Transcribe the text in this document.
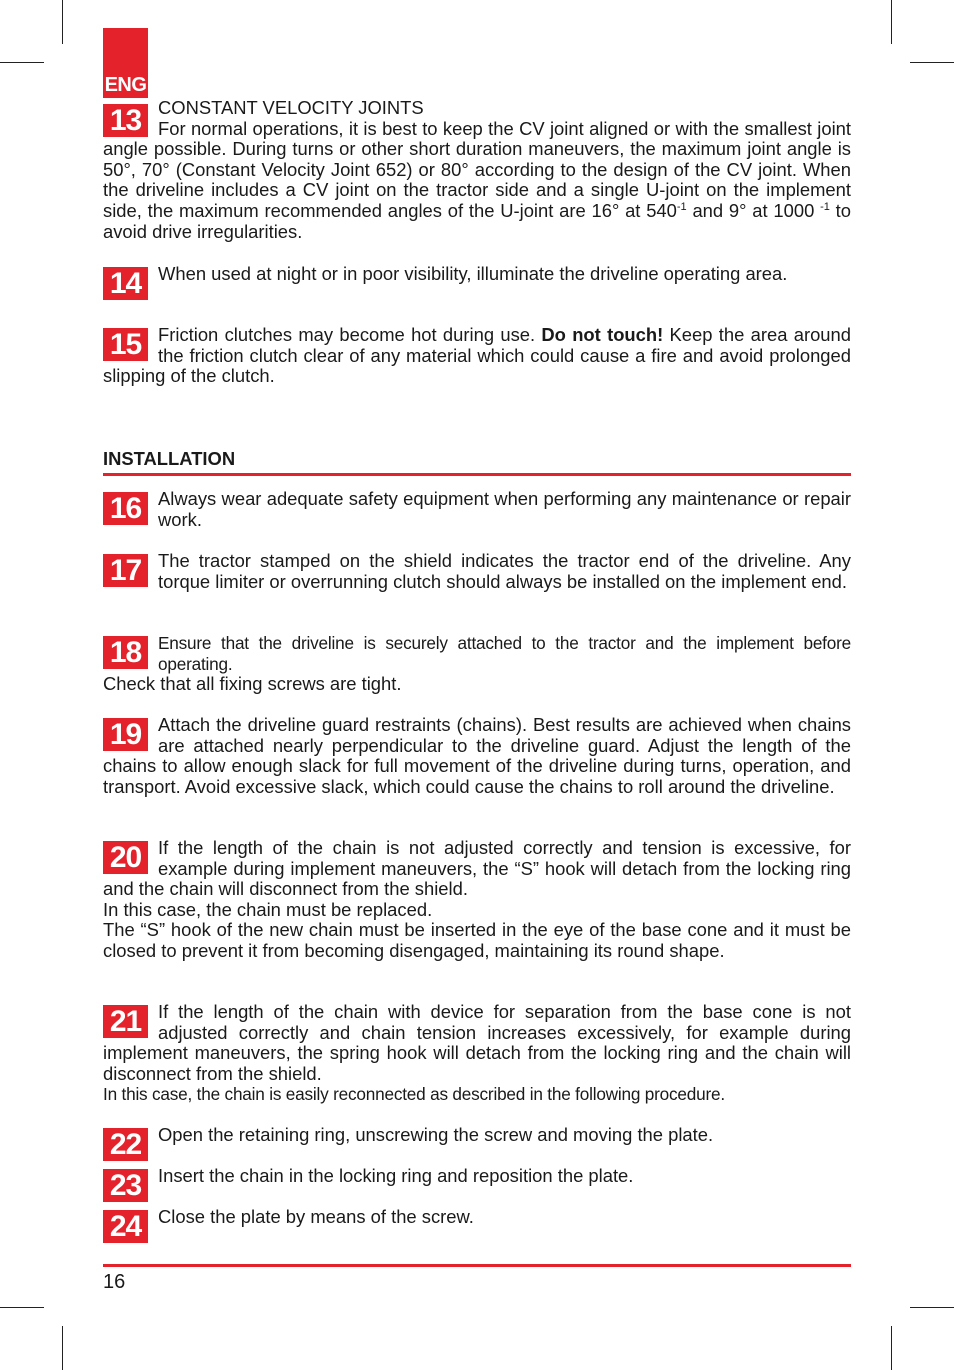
ENG
13 CONSTANT VELOCITY JOINTS
For normal operations, it is best to keep the CV joint aligned or with the smallest joint angle possible. During turns or other short duration maneuvers, the maximum joint angle is 50°, 70° (Constant Velocity Joint 652) or 80° according to the design of the CV joint. When the driveline includes a CV joint on the tractor side and a single U-joint on the implement side, the maximum recommended angles of the U-joint are 16° at $540^{-1}$ and 9° at 1000 $^{-1}$ to avoid drive irregularities.

14 When used at night or in poor visibility, illuminate the driveline operating area.

15 Friction clutches may become hot during use. Do not touch! Keep the area around the friction clutch clear of any material which could cause a fire and avoid prolonged slipping of the clutch.

INSTALLATION
16 Always wear adequate safety equipment when performing any maintenance or repair work.

17 The tractor stamped on the shield indicates the tractor end of the driveline. Any torque limiter or overrunning clutch should always be installed on the implement end.

18 Ensure that the driveline is securely attached to the tractor and the implement before operating.

Check that all fixing screws are tight.

19 Attach the driveline guard restraints (chains). Best results are achieved when chains are attached nearly perpendicular to the driveline guard. Adjust the length of the chains to allow enough slack for full movement of the driveline during turns, operation, and transport. Avoid excessive slack, which could cause the chains to roll around the driveline.

20 If the length of the chain is not adjusted correctly and tension is excessive, for example during implement maneuvers, the “S” hook will detach from the locking ring and the chain will disconnect from the shield.

In this case, the chain must be replaced.

The “S” hook of the new chain must be inserted in the eye of the base cone and it must be closed to prevent it from becoming disengaged, maintaining its round shape.

21 If the length of the chain with device for separation from the base cone is not adjusted correctly and chain tension increases excessively, for example during implement maneuvers, the spring hook will detach from the locking ring and the chain will disconnect from the shield.

In this case, the chain is easily reconnected as described in the following procedure.

22 Open the retaining ring, unscrewing the screw and moving the plate.

23 Insert the chain in the locking ring and reposition the plate.

24 Close the plate by means of the screw.

16
